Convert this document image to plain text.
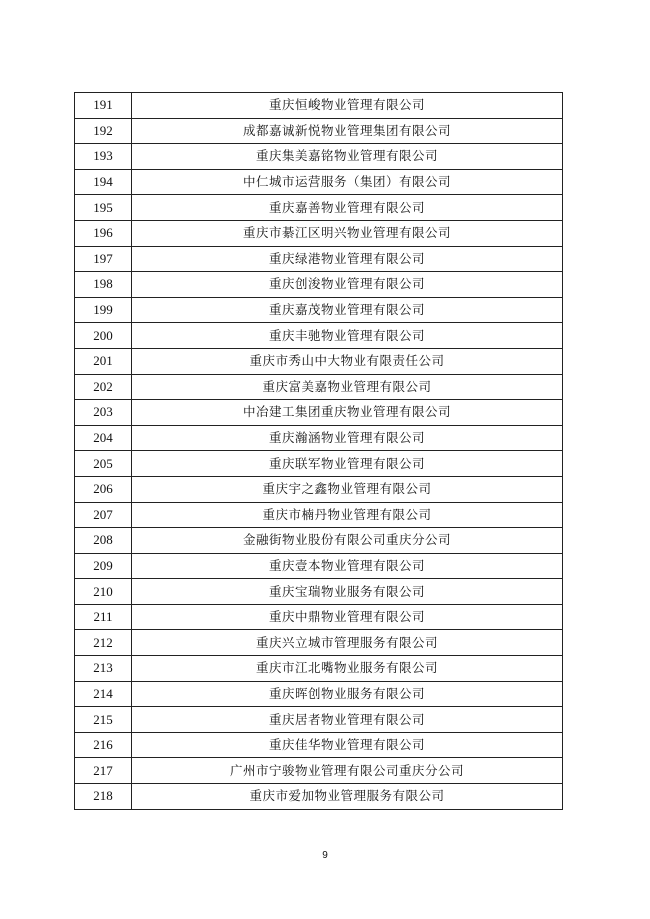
191	重庆恒峻物业管理有限公司
192	成都嘉诚新悦物业管理集团有限公司
193	重庆集美嘉铭物业管理有限公司
194	中仁城市运营服务（集团）有限公司
195	重庆嘉善物业管理有限公司
196	重庆市綦江区明兴物业管理有限公司
197	重庆绿港物业管理有限公司
198	重庆创浚物业管理有限公司
199	重庆嘉茂物业管理有限公司
200	重庆丰驰物业管理有限公司
201	重庆市秀山中大物业有限责任公司
202	重庆富美嘉物业管理有限公司
203	中冶建工集团重庆物业管理有限公司
204	重庆瀚涵物业管理有限公司
205	重庆联军物业管理有限公司
206	重庆宇之鑫物业管理有限公司
207	重庆市楠丹物业管理有限公司
208	金融街物业股份有限公司重庆分公司
209	重庆壹本物业管理有限公司
210	重庆宝瑞物业服务有限公司
211	重庆中鼎物业管理有限公司
212	重庆兴立城市管理服务有限公司
213	重庆市江北嘴物业服务有限公司
214	重庆晖创物业服务有限公司
215	重庆居者物业管理有限公司
216	重庆佳华物业管理有限公司
217	广州市宁骏物业管理有限公司重庆分公司
218	重庆市爱加物业管理服务有限公司
9
